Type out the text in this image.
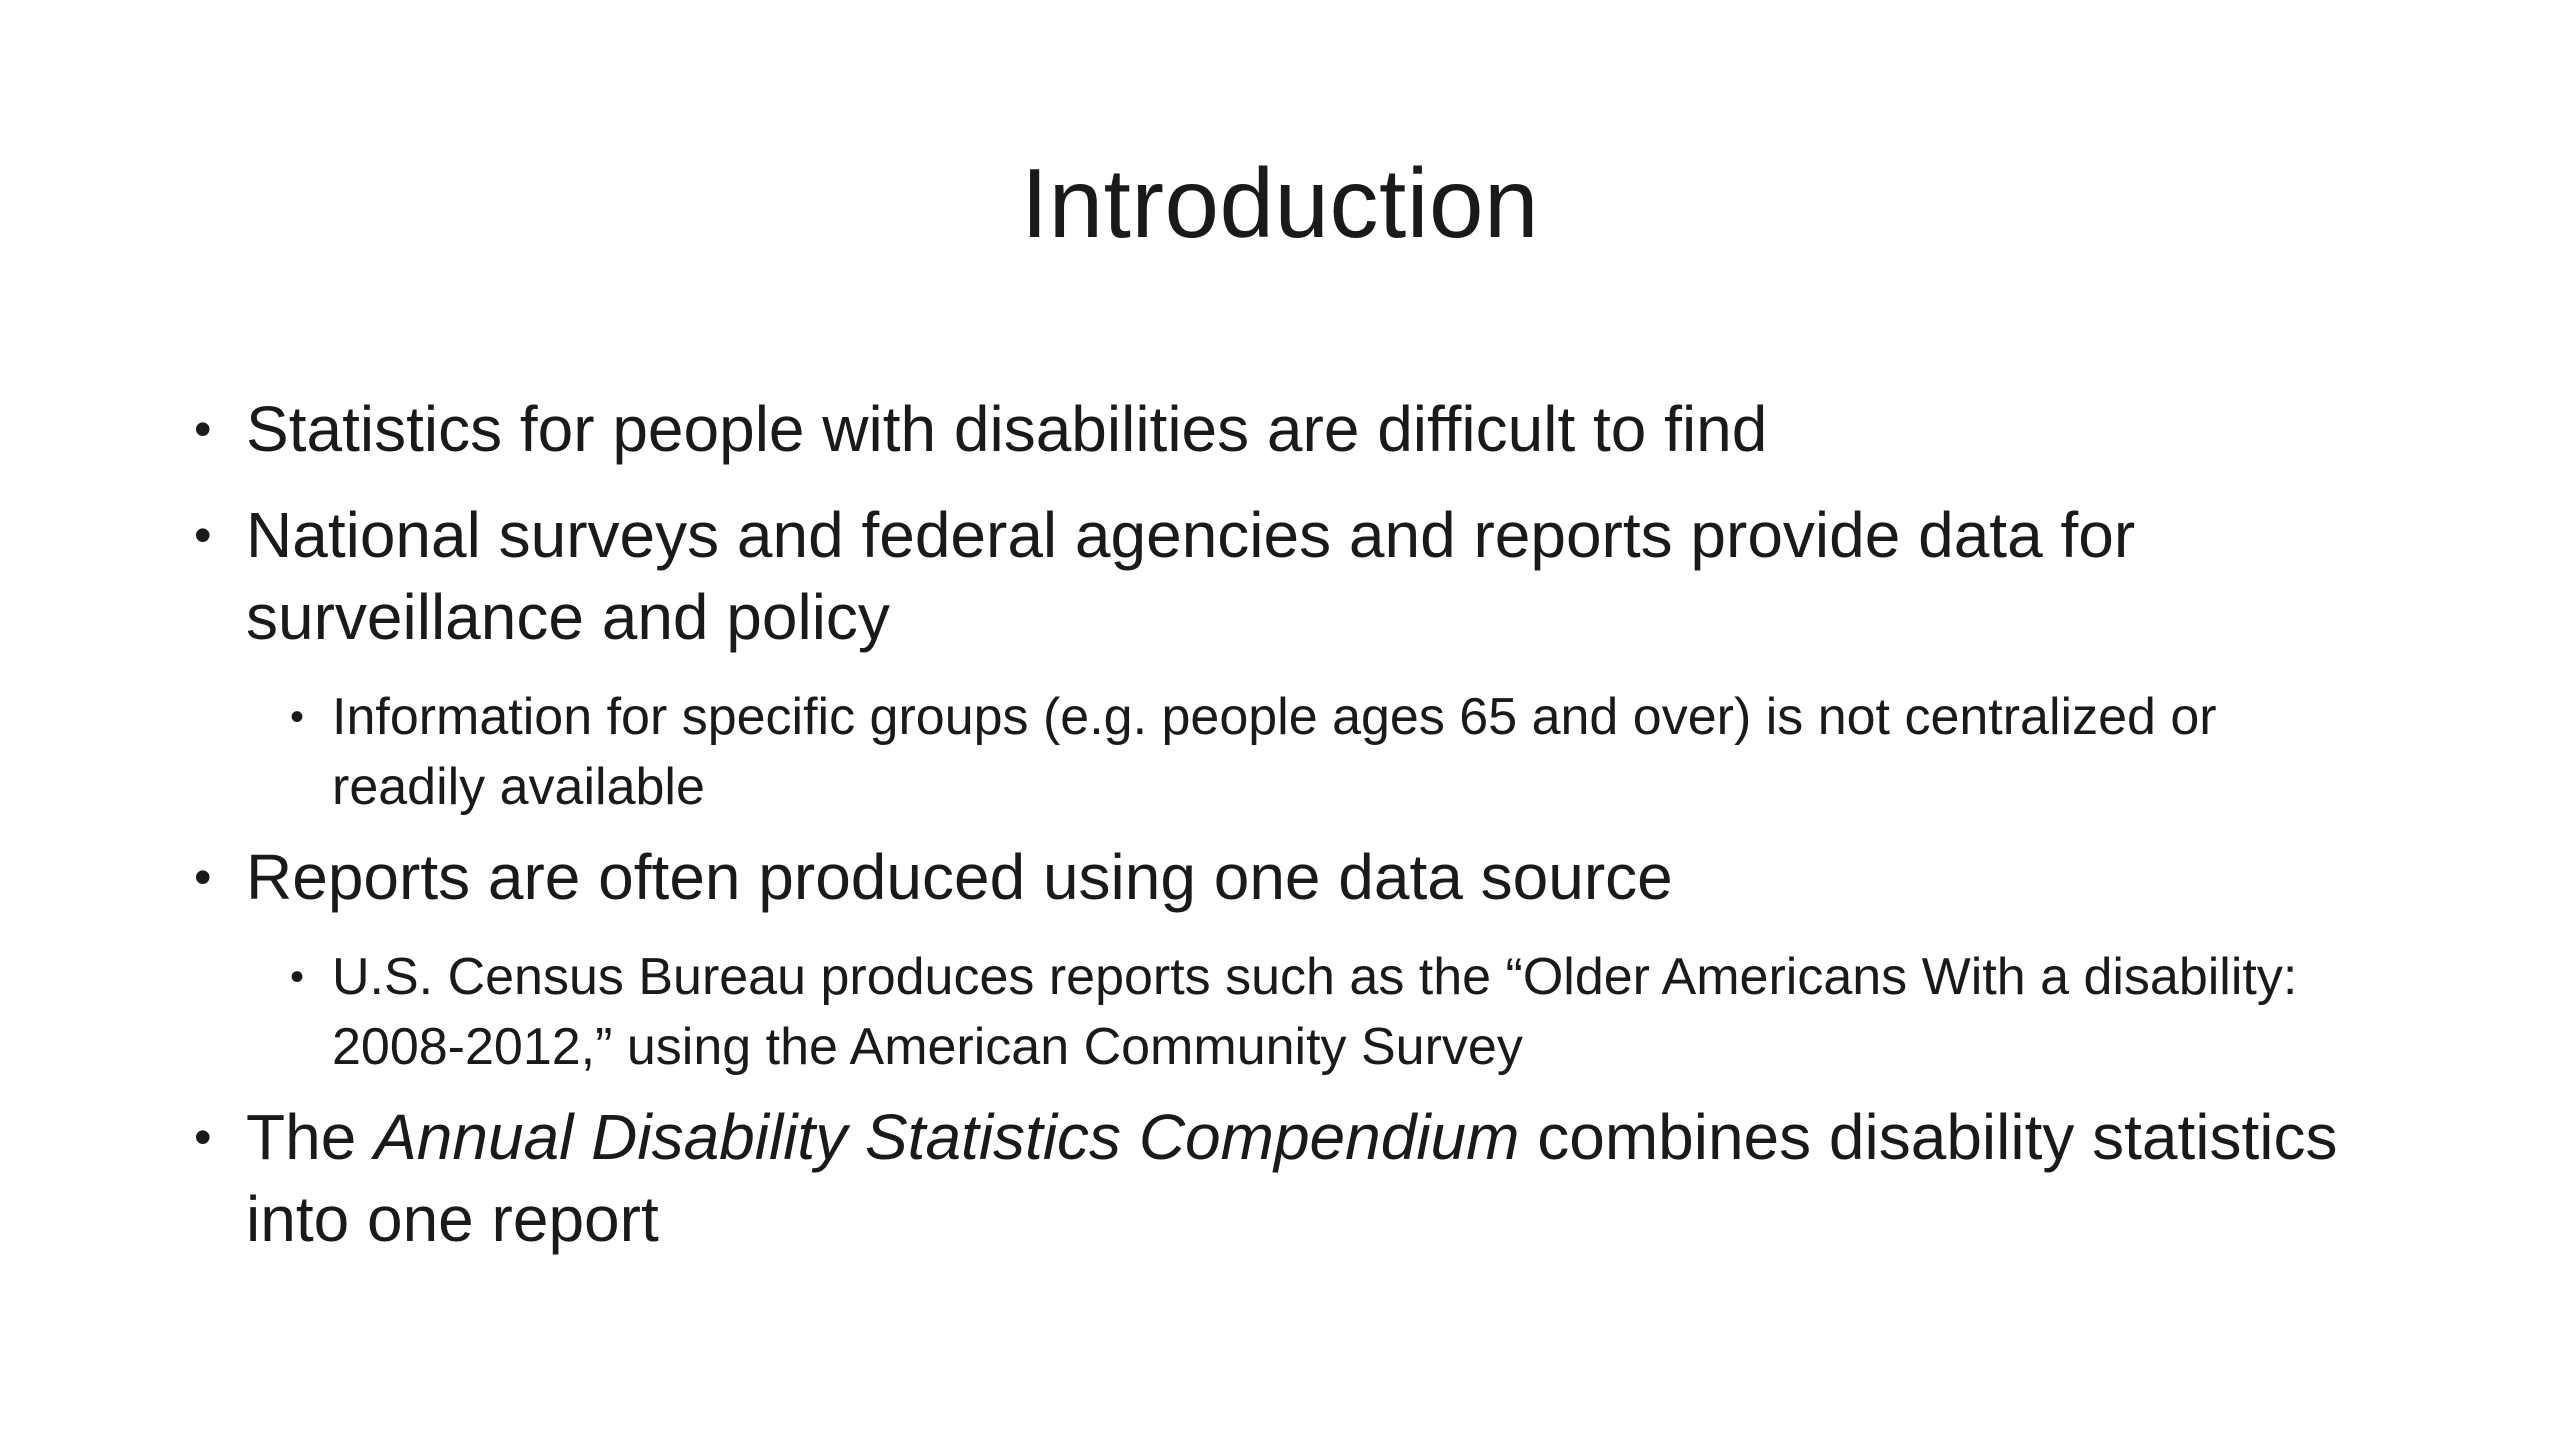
Introduction
• Statistics for people with disabilities are difficult to find
• National surveys and federal agencies and reports provide data for surveillance and policy
• Information for specific groups (e.g. people ages 65 and over) is not centralized or readily available
• Reports are often produced using one data source
• U.S. Census Bureau produces reports such as the “Older Americans With a disability: 2008-2012,” using the American Community Survey
• The Annual Disability Statistics Compendium combines disability statistics into one report
